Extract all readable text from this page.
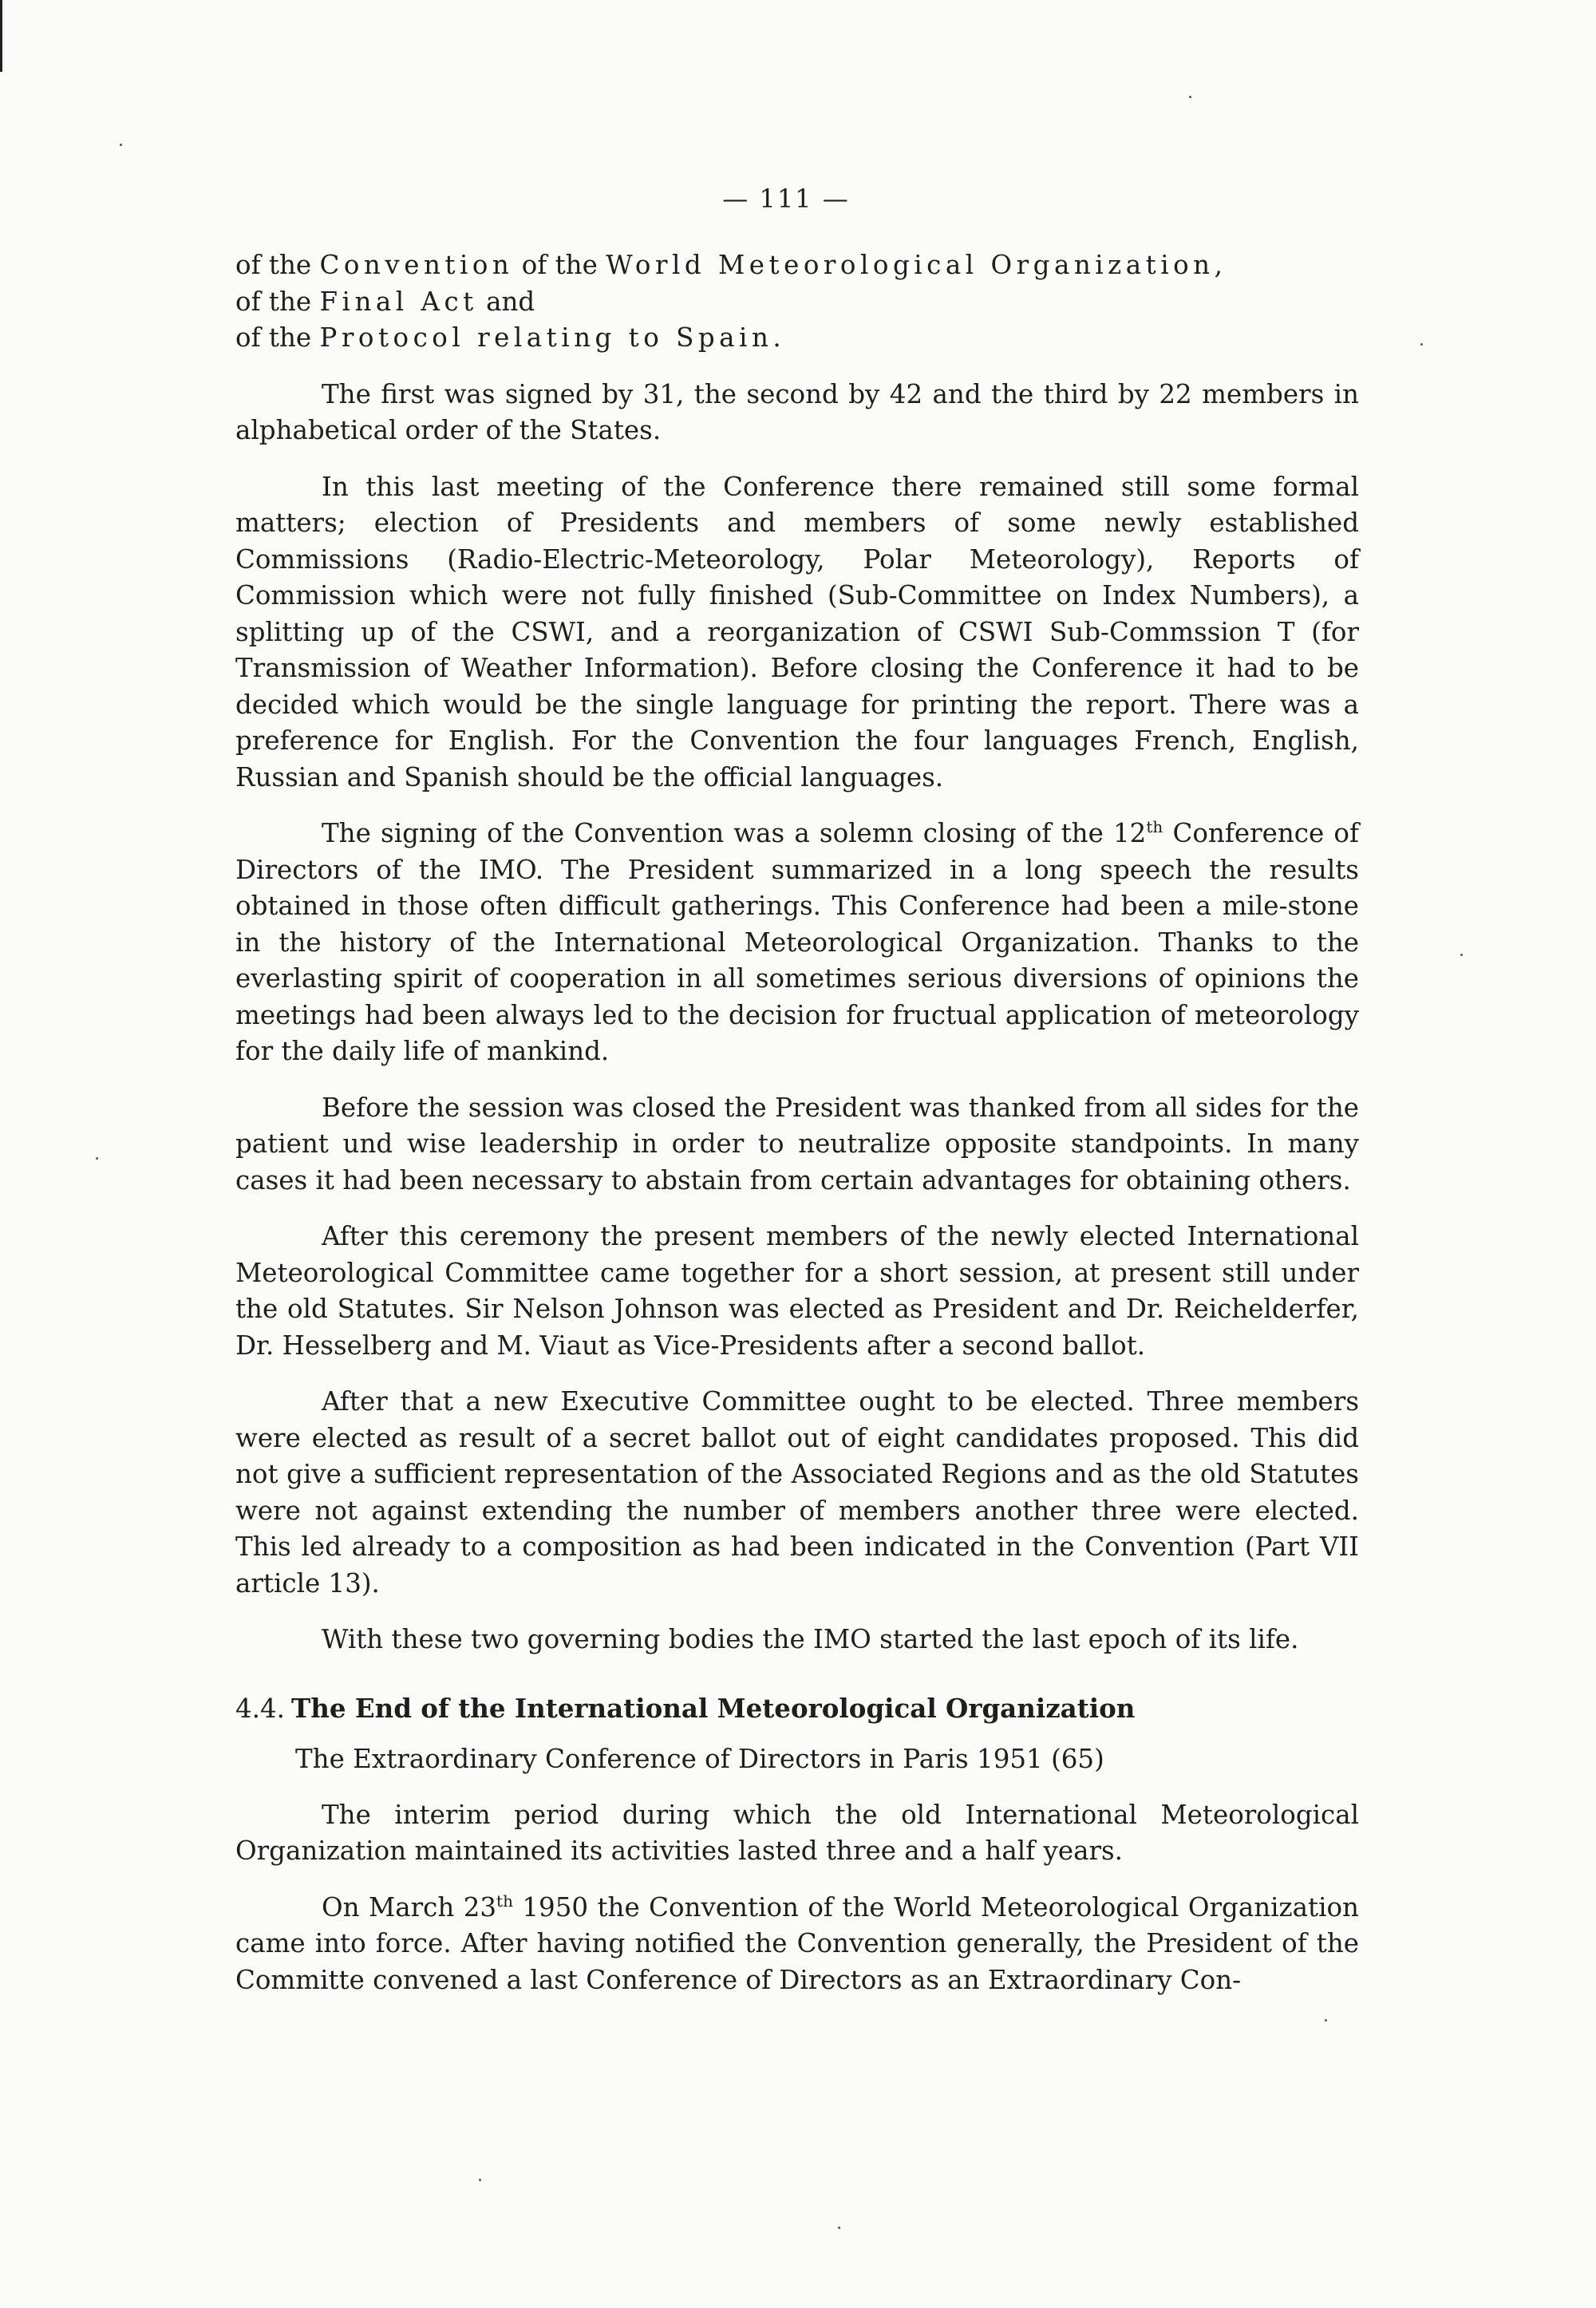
— 111 —
of the Convention of the World Meteorological Organization,
of the Final Act and
of the Protocol relating to Spain.

The first was signed by 31, the second by 42 and the third by 22 members in alphabetical order of the States.

In this last meeting of the Conference there remained still some formal matters; election of Presidents and members of some newly established Commissions (Radio-Electric-Meteorology, Polar Meteorology), Reports of Commission which were not fully finished (Sub-Committee on Index Numbers), a splitting up of the CSWI, and a reorganization of CSWI Sub-Commssion T (for Transmission of Weather Information). Before closing the Conference it had to be decided which would be the single language for printing the report. There was a preference for English. For the Convention the four languages French, English, Russian and Spanish should be the official languages.

The signing of the Convention was a solemn closing of the 12th Conference of Directors of the IMO. The President summarized in a long speech the results obtained in those often difficult gatherings. This Conference had been a mile-stone in the history of the International Meteorological Organization. Thanks to the everlasting spirit of cooperation in all sometimes serious diversions of opinions the meetings had been always led to the decision for fructual application of meteorology for the daily life of mankind.

Before the session was closed the President was thanked from all sides for the patient und wise leadership in order to neutralize opposite standpoints. In many cases it had been necessary to abstain from certain advantages for obtaining others.

After this ceremony the present members of the newly elected International Meteorological Committee came together for a short session, at present still under the old Statutes. Sir Nelson Johnson was elected as President and Dr. Reichelderfer, Dr. Hesselberg and M. Viaut as Vice-Presidents after a second ballot.

After that a new Executive Committee ought to be elected. Three members were elected as result of a secret ballot out of eight candidates proposed. This did not give a sufficient representation of the Associated Regions and as the old Statutes were not against extending the number of members another three were elected. This led already to a composition as had been indicated in the Convention (Part VII article 13).

With these two governing bodies the IMO started the last epoch of its life.

4.4. The End of the International Meteorological Organization

The Extraordinary Conference of Directors in Paris 1951 (65)

The interim period during which the old International Meteorological Organization maintained its activities lasted three and a half years.

On March 23th 1950 the Convention of the World Meteorological Organization came into force. After having notified the Convention generally, the President of the Committe convened a last Conference of Directors as an Extraordinary Con-
